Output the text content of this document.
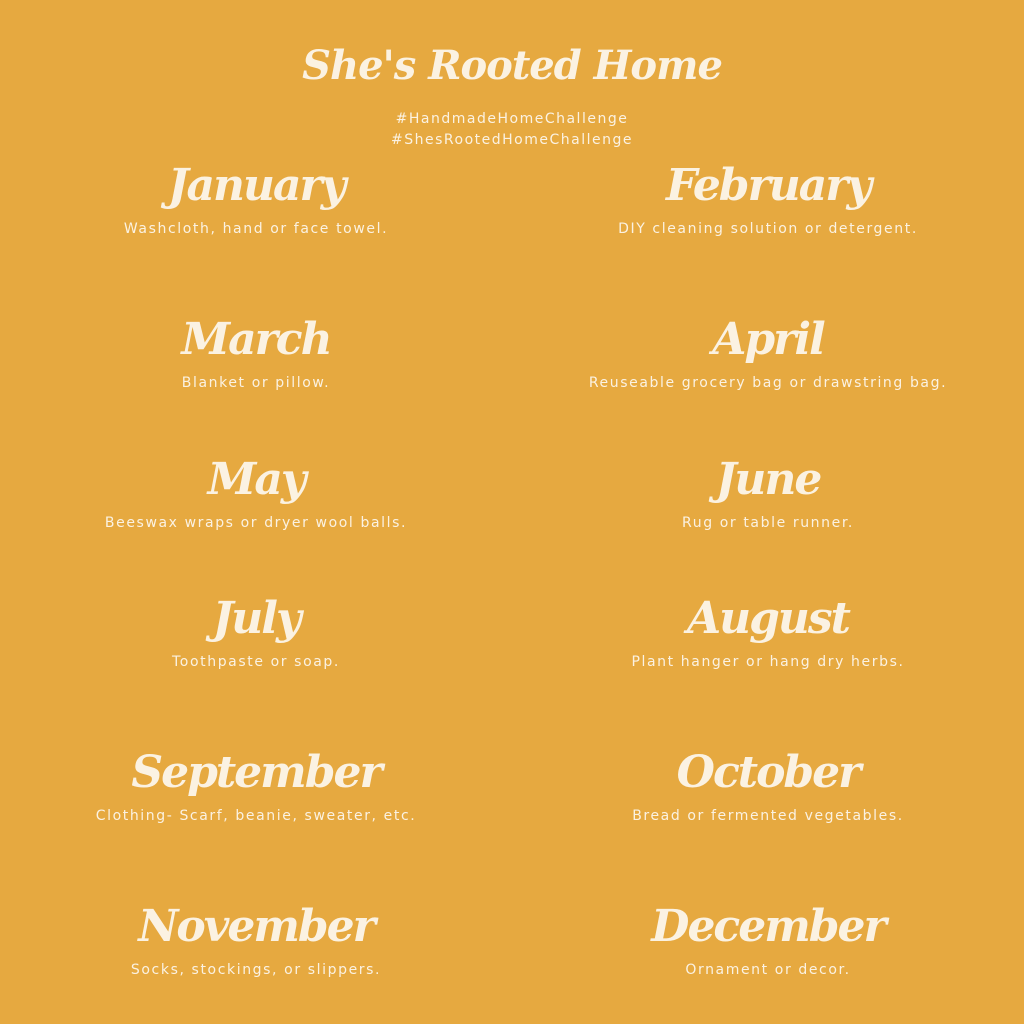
She's Rooted Home
#HandmadeHomeChallenge
#ShesRootedHomeChallenge
January
Washcloth, hand or face towel.
February
DIY cleaning solution or detergent.
March
Blanket or pillow.
April
Reuseable grocery bag or drawstring bag.
May
Beeswax wraps or dryer wool balls.
June
Rug or table runner.
July
Toothpaste or soap.
August
Plant hanger or hang dry herbs.
September
Clothing- Scarf, beanie, sweater, etc.
October
Bread or fermented vegetables.
November
Socks, stockings, or slippers.
December
Ornament or decor.
